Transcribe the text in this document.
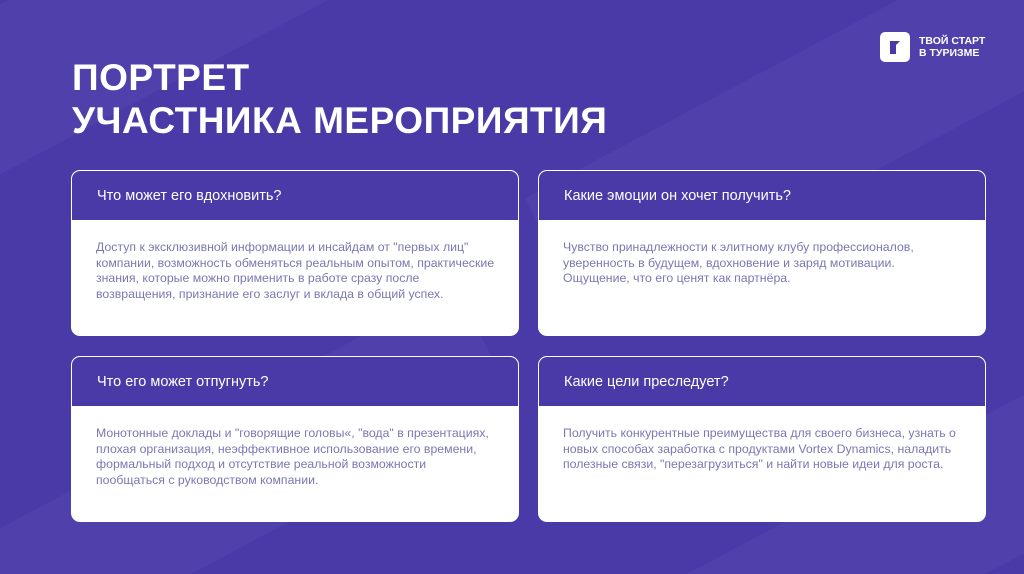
ПОРТРЕТ
УЧАСТНИКА МЕРОПРИЯТИЯ
ТВОЙ СТАРТ
В ТУРИЗМЕ
Что может его вдохновить?
Доступ к эксклюзивной информации и инсайдам от "первых лиц" компании, возможность обменяться реальным опытом, практические знания, которые можно применить в работе сразу после возвращения, признание его заслуг и вклада в общий успех.
Какие эмоции он хочет получить?
Чувство принадлежности к элитному клубу профессионалов, уверенность в будущем, вдохновение и заряд мотивации. Ощущение, что его ценят как партнёра.
Что его может отпугнуть?
Монотонные доклады и "говорящие головы«, "вода" в презентациях, плохая организация, неэффективное использование его времени, формальный подход и отсутствие реальной возможности пообщаться с руководством компании.
Какие цели преследует?
Получить конкурентные преимущества для своего бизнеса, узнать о новых способах заработка с продуктами Vortex Dynamics, наладить полезные связи, "перезагрузиться" и найти новые идеи для роста.
